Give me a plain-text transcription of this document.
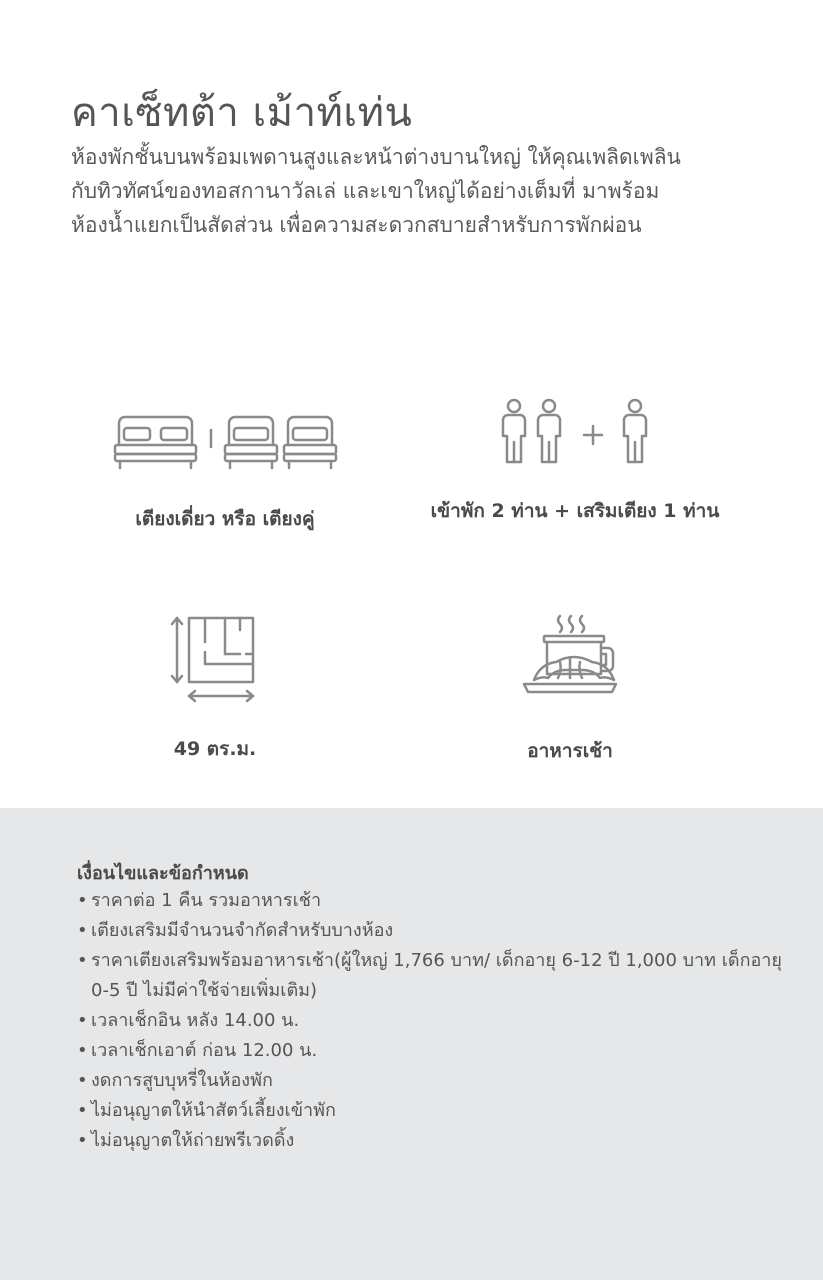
คาเซ็ทต้า เม้าท์เท่น
ห้องพักชั้นบนพร้อมเพดานสูงและหน้าต่างบานใหญ่ ให้คุณเพลิดเพลิน
กับทิวทัศน์ของทอสกานาวัลเล่ และเขาใหญ่ได้อย่างเต็มที่ มาพร้อม
ห้องน้ำแยกเป็นสัดส่วน เพื่อความสะดวกสบายสำหรับการพักผ่อน
เตียงเดี่ยว หรือ เตียงคู่	เข้าพัก 2 ท่าน + เสริมเตียง 1 ท่าน
49 ตร.ม.	อาหารเช้า
เงื่อนไขและข้อกำหนด
• ราคาต่อ 1 คืน รวมอาหารเช้า
• เตียงเสริมมีจำนวนจำกัดสำหรับบางห้อง
• ราคาเตียงเสริมพร้อมอาหารเช้า(ผู้ใหญ่ 1,766 บาท/ เด็กอายุ 6-12 ปี 1,000 บาท เด็กอายุ 0-5 ปี ไม่มีค่าใช้จ่ายเพิ่มเติม)
• เวลาเช็กอิน หลัง 14.00 น.
• เวลาเช็กเอาต์ ก่อน 12.00 น.
• งดการสูบบุหรี่ในห้องพัก
• ไม่อนุญาตให้นำสัตว์เลี้ยงเข้าพัก
• ไม่อนุญาตให้ถ่ายพรีเวดดิ้ง
